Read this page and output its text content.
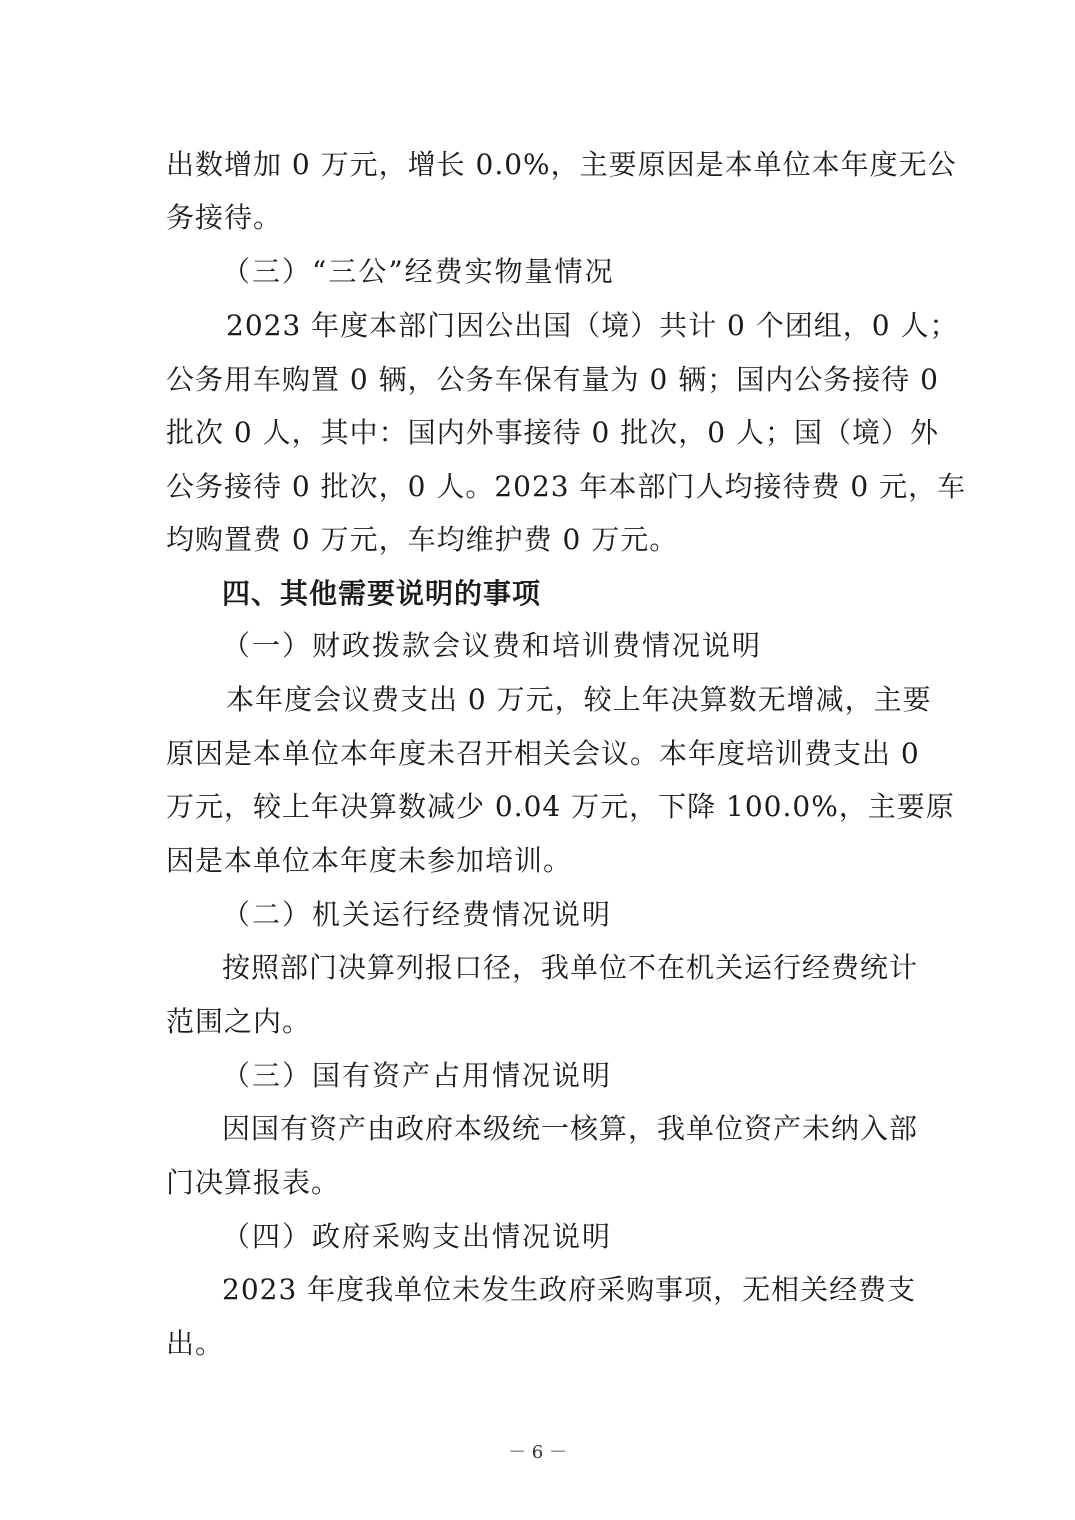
出数增加 0 万元，增长 0.0%，主要原因是本单位本年度无公
务接待。
（三）“三公”经费实物量情况
2023 年度本部门因公出国（境）共计 0 个团组，0 人；
公务用车购置 0 辆，公务车保有量为 0 辆；国内公务接待 0
批次 0 人，其中：国内外事接待 0 批次，0 人；国（境）外
公务接待 0 批次，0 人。2023 年本部门人均接待费 0 元，车
均购置费 0 万元，车均维护费 0 万元。
四、其他需要说明的事项
（一）财政拨款会议费和培训费情况说明
本年度会议费支出 0 万元，较上年决算数无增减，主要
原因是本单位本年度未召开相关会议。本年度培训费支出 0
万元，较上年决算数减少 0.04 万元，下降 100.0%，主要原
因是本单位本年度未参加培训。
（二）机关运行经费情况说明
按照部门决算列报口径，我单位不在机关运行经费统计
范围之内。
（三）国有资产占用情况说明
因国有资产由政府本级统一核算，我单位资产未纳入部
门决算报表。
（四）政府采购支出情况说明
2023 年度我单位未发生政府采购事项，无相关经费支
出。
－ 6 －
